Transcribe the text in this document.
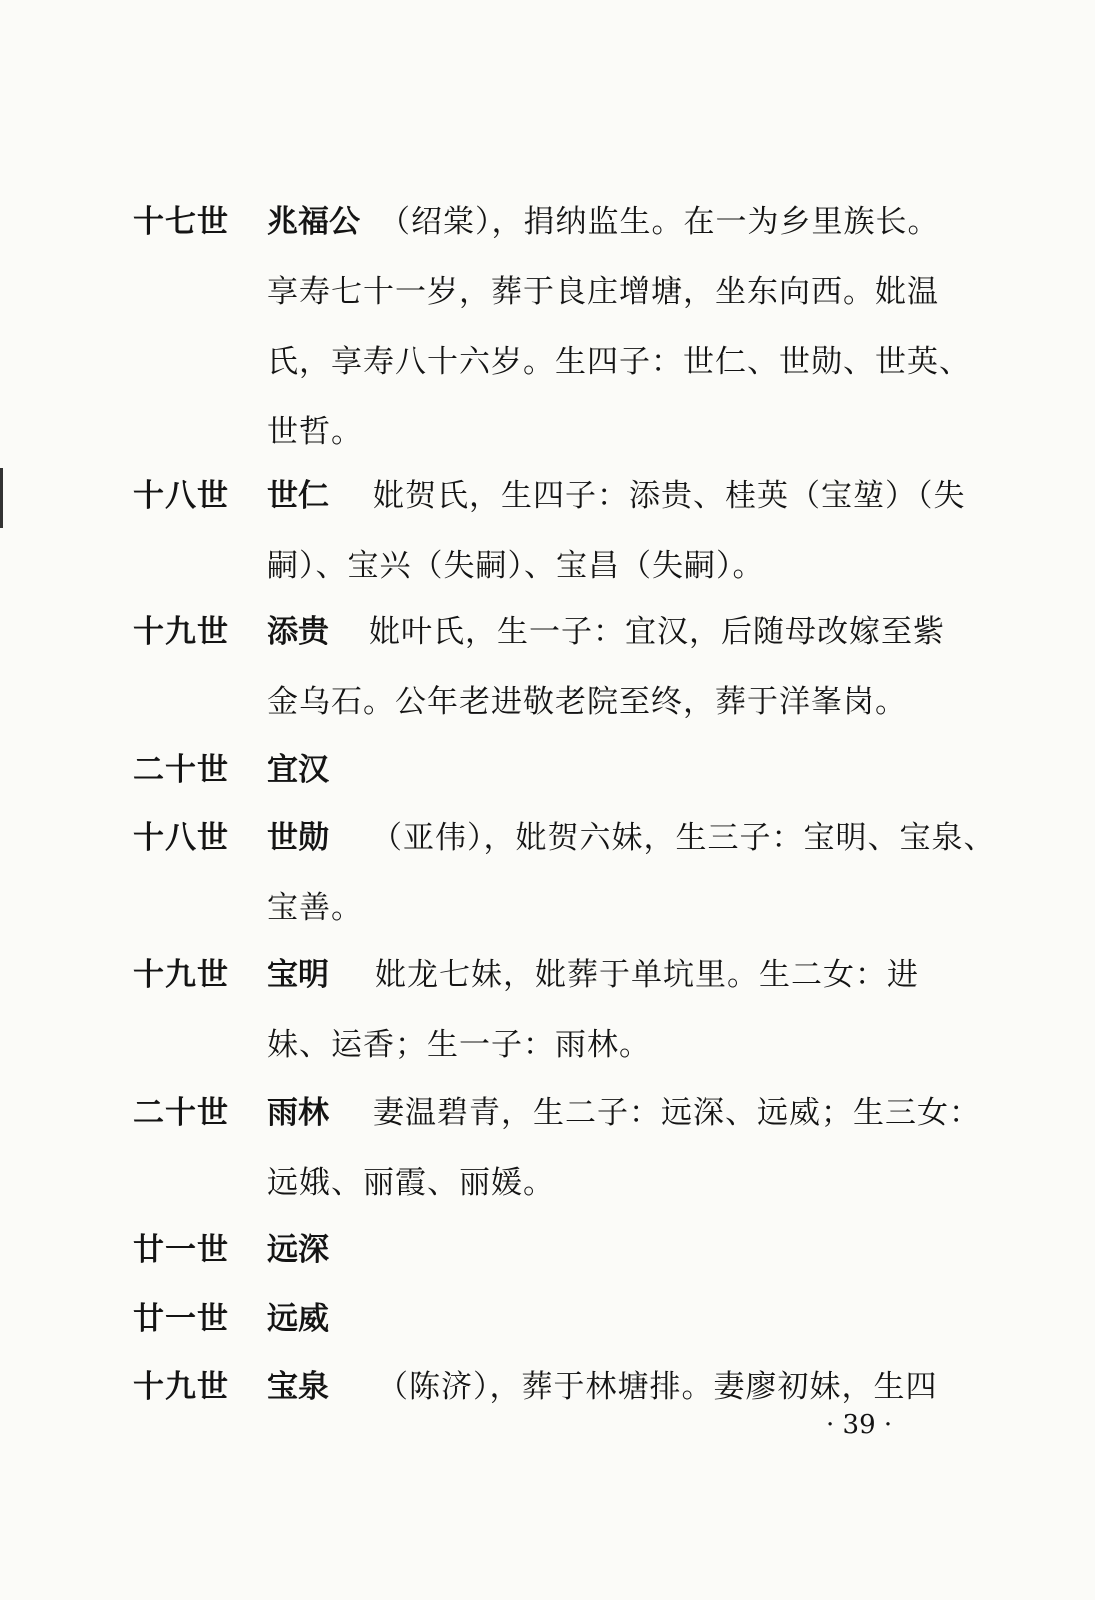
十七世	兆福公 （绍棠），捐纳监生。在一为乡里族长。
享寿七十一岁，葬于良庄增塘，坐东向西。妣温
氏，享寿八十六岁。生四子：世仁、世勋、世英、
世哲。
十八世	世仁 妣贺氏，生四子：添贵、桂英（宝堃）（失
嗣）、宝兴（失嗣）、宝昌（失嗣）。
十九世	添贵 妣叶氏，生一子：宜汉，后随母改嫁至紫
金乌石。公年老进敬老院至终，葬于洋峯岗。
二十世	宜汉
十八世	世勋 （亚伟），妣贺六妹，生三子：宝明、宝泉、
宝善。
十九世	宝明 妣龙七妹，妣葬于单坑里。生二女：进
妹、运香；生一子：雨林。
二十世	雨林 妻温碧青，生二子：远深、远威；生三女：
远娥、丽霞、丽媛。
廿一世	远深
廿一世	远威
十九世	宝泉 （陈济），葬于林塘排。妻廖初妹，生四
· 39 ·
